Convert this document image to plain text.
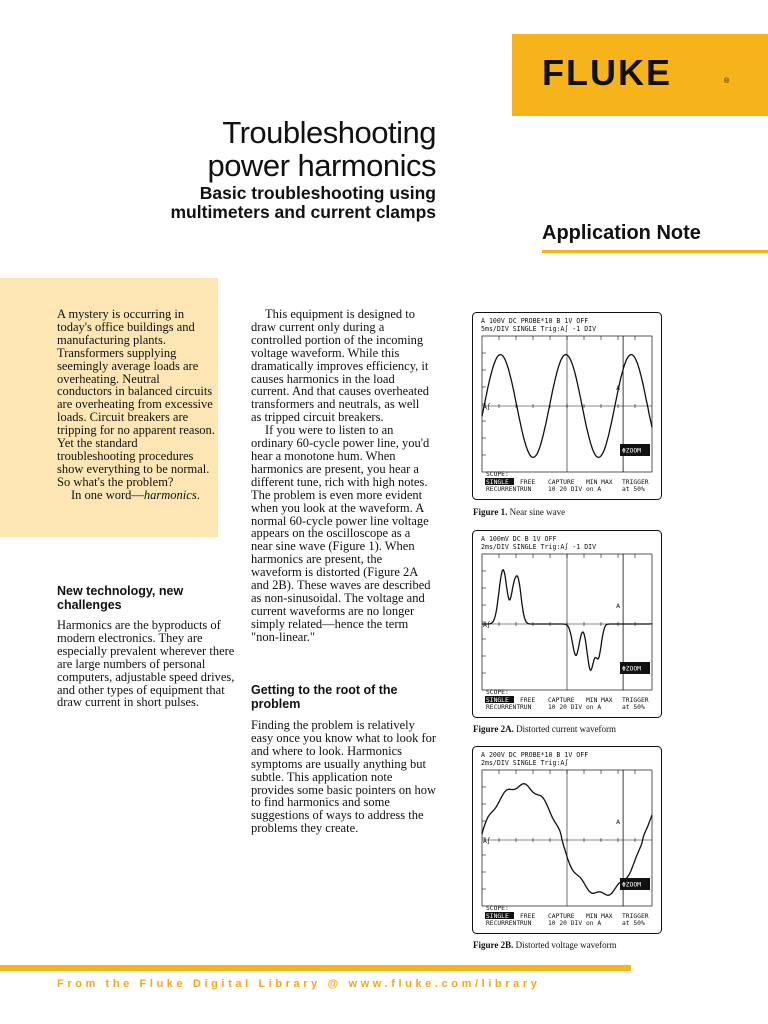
FLUKE	®
Troubleshooting
power harmonics
Basic troubleshooting using
multimeters and current clamps
Application Note

A mystery is occurring in today's office buildings and manufacturing plants. Transformers supplying seemingly average loads are overheating. Neutral conductors in balanced circuits are overheating from excessive loads. Circuit breakers are tripping for no apparent reason. Yet the standard troubleshooting procedures show everything to be normal. So what's the problem?

In one word—harmonics.

New technology, new challenges
Harmonics are the byproducts of modern electronics. They are especially prevalent wherever there are large numbers of personal computers, adjustable speed drives, and other types of equipment that draw current in short pulses.

This equipment is designed to draw current only during a controlled portion of the incoming voltage waveform. While this dramatically improves efficiency, it causes harmonics in the load current. And that causes overheated transformers and neutrals, as well as tripped circuit breakers.

If you were to listen to an ordinary 60-cycle power line, you'd hear a monotone hum. When harmonics are present, you hear a different tune, rich with high notes. The problem is even more evident when you look at the waveform. A normal 60-cycle power line voltage appears on the oscilloscope as a near sine wave (Figure 1). When harmonics are present, the waveform is distorted (Figure 2A and 2B). These waves are described as non-sinusoidal. The voltage and current waveforms are no longer simply related—hence the term "non-linear."

Getting to the root of the problem
Finding the problem is relatively easy once you know what to look for and where to look. Harmonics symptoms are usually anything but subtle. This application note provides some basic pointers on how to find harmonics and some suggestions of ways to address the problems they create.
A 100V DC PROBE*10 B 1V OFF
5ms/DIV SINGLE Trig:A∫ -1 DIV
A∫
A
ΦZOOM
SCOPE:
SINGLE
RECURRENT
FREE
RUN
CAPTURE
10 20 DIV
MIN MAX
on A
TRIGGER
at 50%
Figure 1. Near sine wave
A 100mV DC B 1V OFF
2ms/DIV SINGLE Trig:A∫ -1 DIV
A∫
A
ΦZOOM
SCOPE:
SINGLE
RECURRENT
FREE
RUN
CAPTURE
10 20 DIV
MIN MAX
on A
TRIGGER
at 50%
Figure 2A. Distorted current waveform
A 200V DC PROBE*10 B 1V OFF
2ms/DIV SINGLE Trig:A∫
A∫
A
ΦZOOM
SCOPE:
SINGLE
RECURRENT
FREE
RUN
CAPTURE
10 20 DIV
MIN MAX
on A
TRIGGER
at 50%
Figure 2B. Distorted voltage waveform
From the Fluke Digital Library @ www.fluke.com/library
